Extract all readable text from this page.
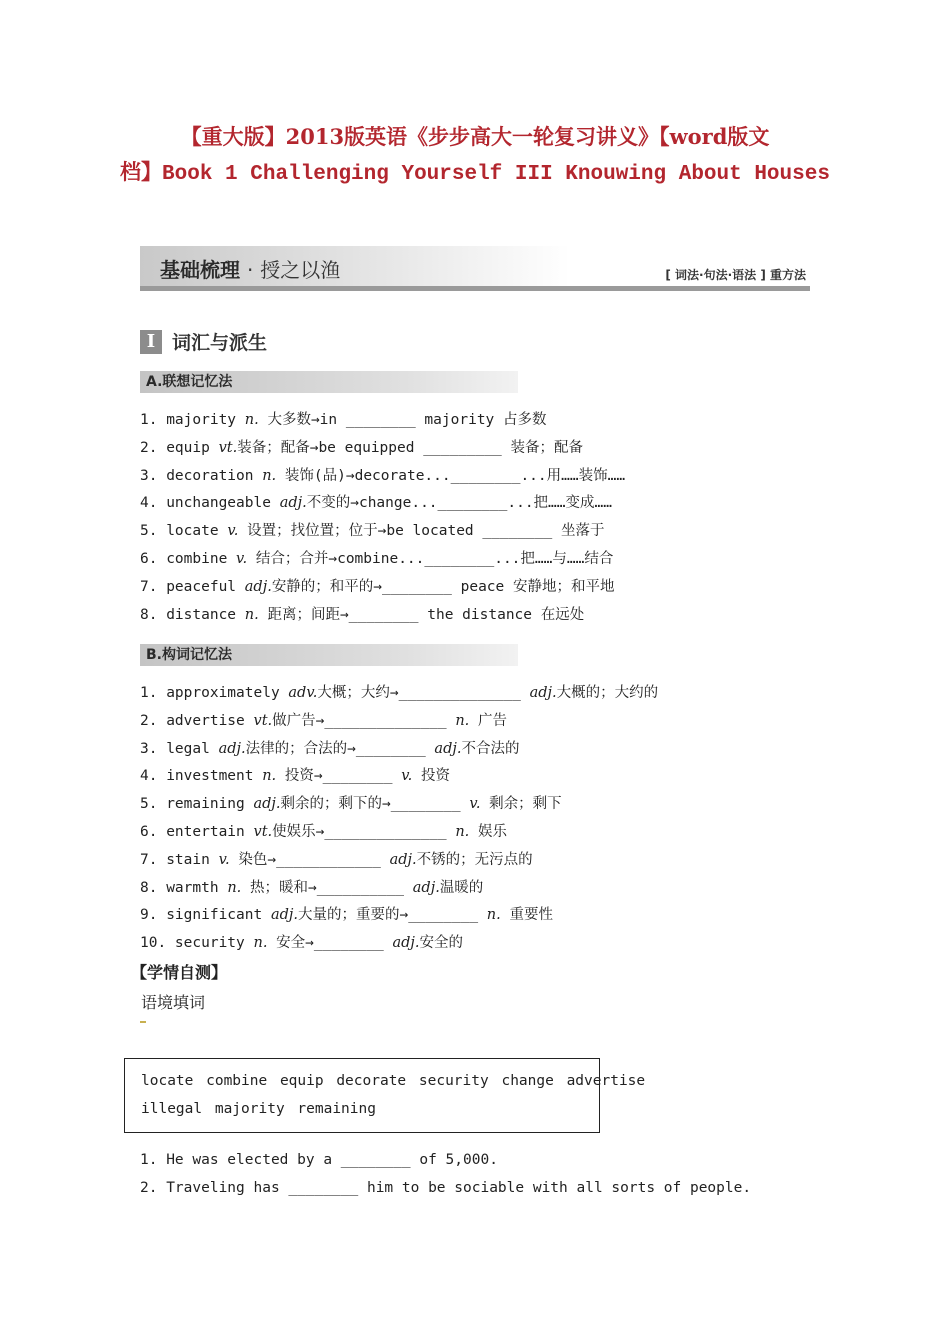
【重大版】2013版英语《步步高大一轮复习讲义》【word版文
档】Book 1 Challenging Yourself III Knouwing About Houses
基础梳理 · 授之以渔	[ 词法·句法·语法 ] 重方法
I 词汇与派生
A.联想记忆法
1. majority n. 大多数→in ________ majority 占多数
2. equip vt.装备；配备→be equipped _________ 装备；配备
3. decoration n. 装饰(品)→decorate...________...用……装饰……
4. unchangeable adj.不变的→change...________...把……变成……
5. locate v. 设置；找位置；位于→be located ________ 坐落于
6. combine v. 结合；合并→combine...________...把……与……结合
7. peaceful adj.安静的；和平的→________ peace 安静地；和平地
8. distance n. 距离；间距→________ the distance 在远处
B.构词记忆法
1. approximately adv.大概；大约→______________ adj.大概的；大约的
2. advertise vt.做广告→______________ n. 广告
3. legal adj.法律的；合法的→________ adj.不合法的
4. investment n. 投资→________ v. 投资
5. remaining adj.剩余的；剩下的→________ v. 剩余；剩下
6. entertain vt.使娱乐→______________ n. 娱乐
7. stain v. 染色→____________ adj.不锈的；无污点的
8. warmth n. 热；暖和→__________ adj.温暖的
9. significant adj.大量的；重要的→________ n. 重要性
10. security n. 安全→________ adj.安全的
【学情自测】
语境填词
locate combine equip decorate security change advertise
illegal majority remaining
1. He was elected by a ________ of 5,000.
2. Traveling has ________ him to be sociable with all sorts of people.
